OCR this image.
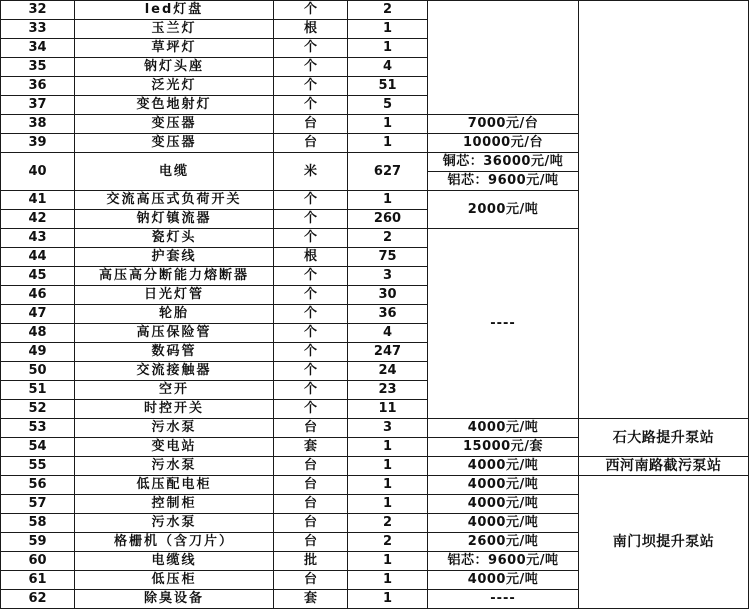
32	led灯盘	个	2		
33	玉兰灯	根	1		
34	草坪灯	个	1		
35	钠灯头座	个	4		
36	泛光灯	个	51		
37	变色地射灯	个	5		
38	变压器	台	1	7000元/台	
39	变压器	台	1	10000元/台	
40	电缆	米	627	铜芯：36000元/吨	
				铝芯：9600元/吨	
41	交流高压式负荷开关	个	1	2000元/吨	
42	钠灯镇流器	个	260		
43	瓷灯头	个	2	----	
44	护套线	根	75		
45	高压高分断能力熔断器	个	3		
46	日光灯管	个	30		
47	轮胎	个	36		
48	高压保险管	个	4		
49	数码管	个	247		
50	交流接触器	个	24		
51	空开	个	23		
52	时控开关	个	11		
53	污水泵	台	3	4000元/吨	石大路提升泵站
54	变电站	套	1	15000元/套	
55	污水泵	台	1	4000元/吨	西河南路截污泵站
56	低压配电柜	台	1	4000元/吨	南门坝提升泵站
57	控制柜	台	1	4000元/吨	
58	污水泵	台	2	4000元/吨	
59	格栅机（含刀片）	台	2	2600元/吨	
60	电缆线	批	1	铝芯：9600元/吨	
61	低压柜	台	1	4000元/吨	
62	除臭设备	套	1	----	
